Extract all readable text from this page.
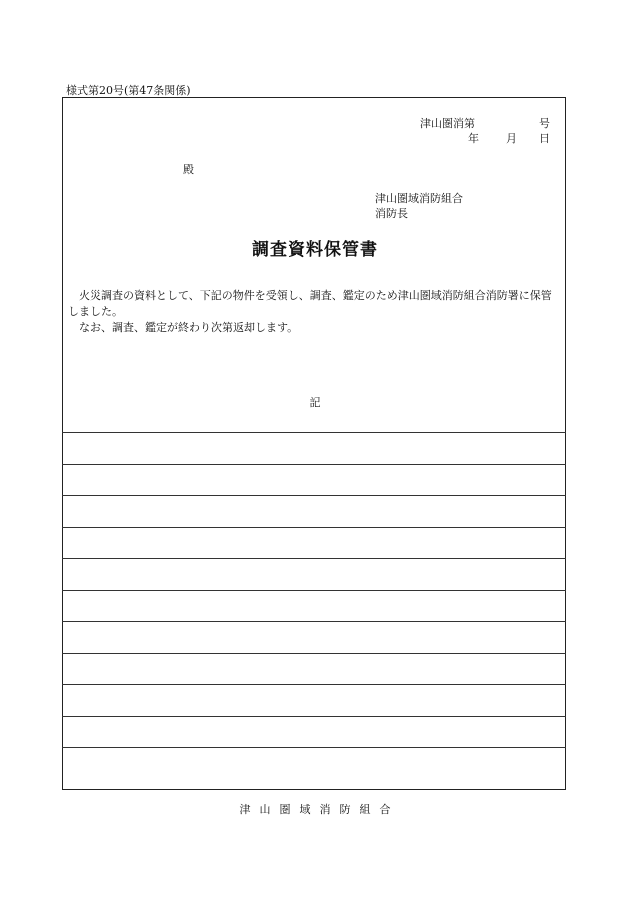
様式第20号(第47条関係)
津山圏消第	号
年 月 日
殿
津山圏域消防組合
消防長
調査資料保管書

火災調査の資料として、下記の物件を受領し、調査、鑑定のため津山圏域消防組合消防署に保管しました。

なお、調査、鑑定が終わり次第返却します。

記
津山圏域消防組合
